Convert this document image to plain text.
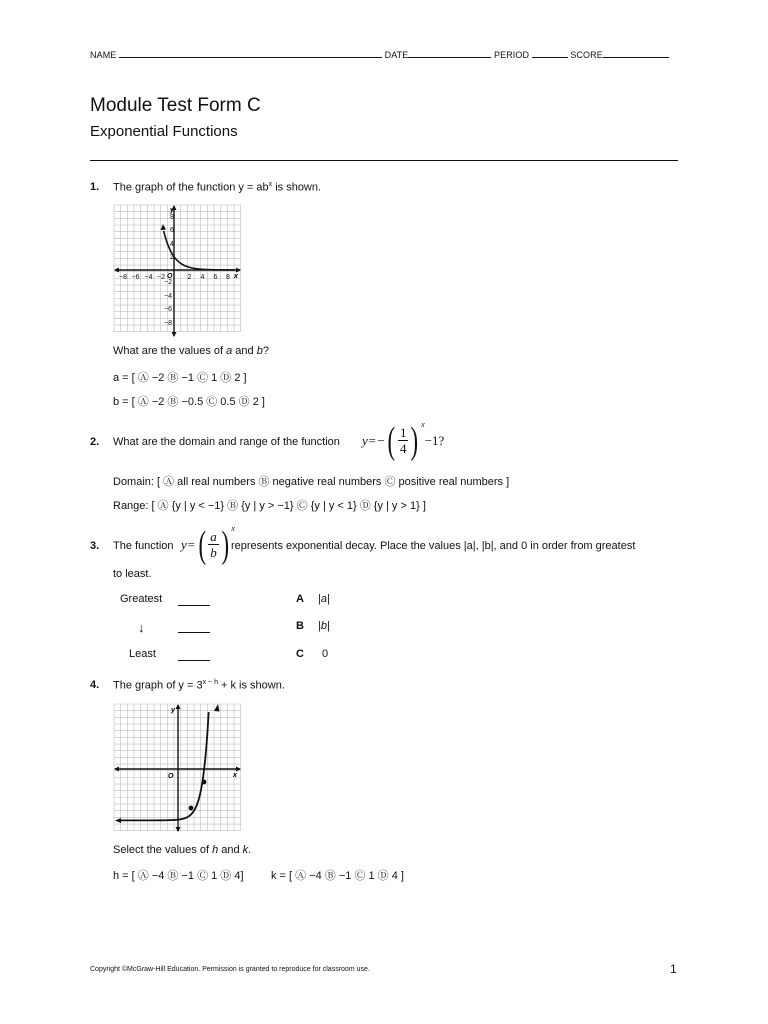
NAME	DATE	PERIOD	SCORE
Module Test Form C
Exponential Functions
1. The graph of the function $y = ab^x$ is shown.
−8 −6 −4 −2	2 4 6 8
8
6
4
2
−2
−4
−6
−8
x
y
O
What are the values of a and b?
a = [ Ⓐ −2 Ⓑ −1 Ⓒ 1 Ⓓ 2 ]
b = [ Ⓐ −2 Ⓑ −0.5 Ⓒ 0.5 Ⓓ 2 ]
2. What are the domain and range of the function $y=-( \frac{1}{4}$ ) $^x$−1?
Domain: [ Ⓐ all real numbers Ⓑ negative real numbers Ⓒ positive real numbers ]
Range: [ Ⓐ {y | y < −1} Ⓑ {y | y > −1} Ⓒ {y | y < 1} Ⓓ {y | y > 1} ]
3. The function $y=( \frac{a}{b}$ ) $^x$
represents exponential decay. Place the values |a|, |b|, and 0 in order from greatest
to least.
Greatest	A |a|
↓	B |b|
Least	C 0
4. The graph of $y = 3^{x - h} + k$ is shown.
x
y
O
Select the values of h and k.
h = [ Ⓐ −4 Ⓑ −1 Ⓒ 1 Ⓓ 4] k = [ Ⓐ −4 Ⓑ −1 Ⓒ 1 Ⓓ 4 ]
Copyright ©McGraw-Hill Education. Permission is granted to reproduce for classroom use.	1
